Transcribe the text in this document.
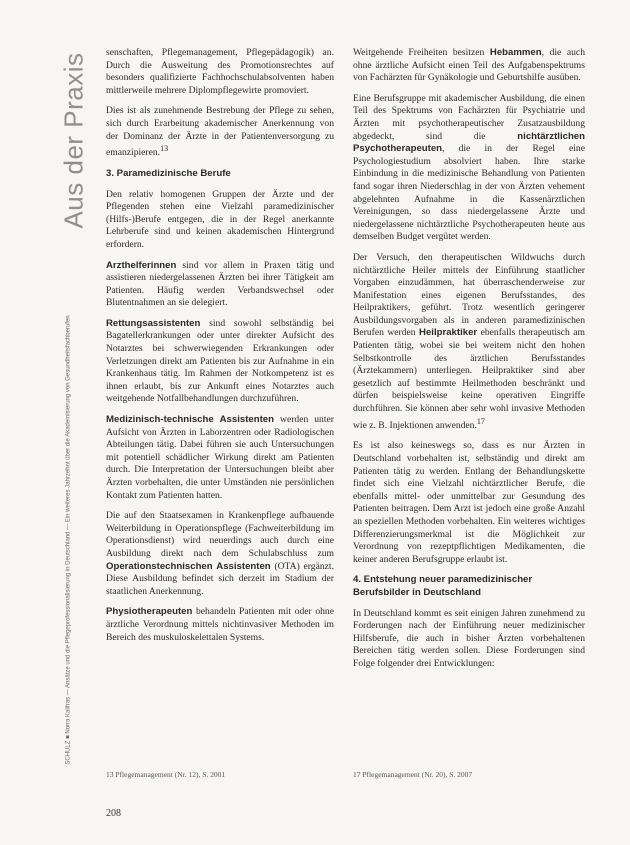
Aus der Praxis
SCHULZ ■ Norra Kalifras — Ansätze und die Pflegeprofessionalisierung in Deutschland — Ein weiteres Jahrzehnt über die Akademisierung von Gesundheitsfachberufen

senschaften, Pflegemanagement, Pflegepädagogik) an. Durch die Ausweitung des Promotionsrechtes auf besonders qualifizierte Fachhochschulabsolventen haben mittlerweile mehrere Diplompflegewirte promoviert.

Dies ist als zunehmende Bestrebung der Pflege zu sehen, sich durch Erarbeitung akademischer Anerkennung von der Dominanz der Ärzte in der Patientenversorgung zu emanzipieren.$^{13}$

3. Paramedizinische Berufe

Den relativ homogenen Gruppen der Ärzte und der Pflegenden stehen eine Vielzahl paramedizinischer (Hilfs-)Berufe entgegen, die in der Regel anerkannte Lehrberufe sind und keinen akademischen Hintergrund erfordern.

Arzthelferinnen sind vor allem in Praxen tätig und assistieren niedergelassenen Ärzten bei ihrer Tätigkeit am Patienten. Häufig werden Verbandswechsel oder Blutentnahmen an sie delegiert.

Rettungsassistenten sind sowohl selbständig bei Bagatellerkrankungen oder unter direkter Aufsicht des Notarztes bei schwerwiegenden Erkrankungen oder Verletzungen direkt am Patienten bis zur Aufnahme in ein Krankenhaus tätig. Im Rahmen der Notkompetenz ist es ihnen erlaubt, bis zur Ankunft eines Notarztes auch weitgehende Notfallbehandlungen durchzuführen.

Medizinisch-technische Assistenten werden unter Aufsicht von Ärzten in Laborzentren oder Radiologischen Abteilungen tätig. Dabei führen sie auch Untersuchungen mit potentiell schädlicher Wirkung direkt am Patienten durch. Die Interpretation der Untersuchungen bleibt aber Ärzten vorbehalten, die unter Umständen nie persönlichen Kontakt zum Patienten hatten.

Die auf den Staatsexamen in Krankenpflege aufbauende Weiterbildung in Operationspflege (Fachweiterbildung im Operationsdienst) wird neuerdings auch durch eine Ausbildung direkt nach dem Schulabschluss zum Operationstechnischen Assistenten (OTA) ergänzt. Diese Ausbildung befindet sich derzeit im Stadium der staatlichen Anerkennung.

Physiotherapeuten behandeln Patienten mit oder ohne ärztliche Verordnung mittels nichtinvasiver Methoden im Bereich des muskuloskelettalen Systems.

Weitgehende Freiheiten besitzen Hebammen, die auch ohne ärztliche Aufsicht einen Teil des Aufgabenspektrums von Fachärzten für Gynäkologie und Geburtshilfe ausüben.

Eine Berufsgruppe mit akademischer Ausbildung, die einen Teil des Spektrums von Fachärzten für Psychiatrie und Ärzten mit psychotherapeutischer Zusatzausbildung abgedeckt, sind die	nichtärztlichen Psychotherapeuten, die in der Regel eine Psychologiestudium absolviert haben. Ihre starke Einbindung in die medizinische Behandlung von Patienten fand sogar ihren Niederschlag in der von Ärzten vehement abgelehnten Aufnahme in die Kassenärztlichen Vereinigungen, so dass niedergelassene Ärzte und niedergelassene nichtärztliche Psychotherapeuten heute aus demselben Budget vergütet werden.

Der Versuch, den therapeutischen Wildwuchs durch nichtärztliche Heiler mittels der Einführung staatlicher Vorgaben einzudämmen, hat überraschenderweise zur Manifestation eines eigenen Berufsstandes, des Heilpraktikers, geführt. Trotz wesentlich geringerer Ausbildungsvorgaben als in anderen paramedizinischen Berufen werden Heilpraktiker ebenfalls therapeutisch am Patienten tätig, wobei sie bei weitem nicht den hohen Selbstkontrolle des ärztlichen Berufsstandes (Ärztekammern) unterliegen. Heilpraktiker sind aber gesetzlich auf bestimmte Heilmethoden beschränkt und dürfen beispielsweise keine operativen Eingriffe durchführen. Sie können aber sehr wohl invasive Methoden wie z. B. Injektionen anwenden.$^{17}$

Es ist also keineswegs so, dass es nur Ärzten in Deutschland vorbehalten ist, selbständig und direkt am Patienten tätig zu werden. Entlang der Behandlungskette findet sich eine Vielzahl nichtärztlicher Berufe, die ebenfalls mittel- oder unmittelbar zur Gesundung des Patienten beitragen. Dem Arzt ist jedoch eine große Anzahl an speziellen Methoden vorbehalten. Ein weiteres wichtiges Differenzierungsmerkmal ist die Möglichkeit zur Verordnung von rezeptpflichtigen Medikamenten, die keiner anderen Berufsgruppe erlaubt ist.

4. Entstehung neuer paramedizinischer Berufsbilder in Deutschland

In Deutschland kommt es seit einigen Jahren zunehmend zu Forderungen nach der Einführung neuer medizinischer Hilfsberufe, die auch in bisher Ärzten vorbehaltenen Bereichen tätig werden sollen. Diese Forderungen sind Folge folgender drei Entwicklungen:

13 Pflegemanagement (Nr. 12), S. 2001	17 Pflegemanagement (Nr. 20), S. 2007
208
